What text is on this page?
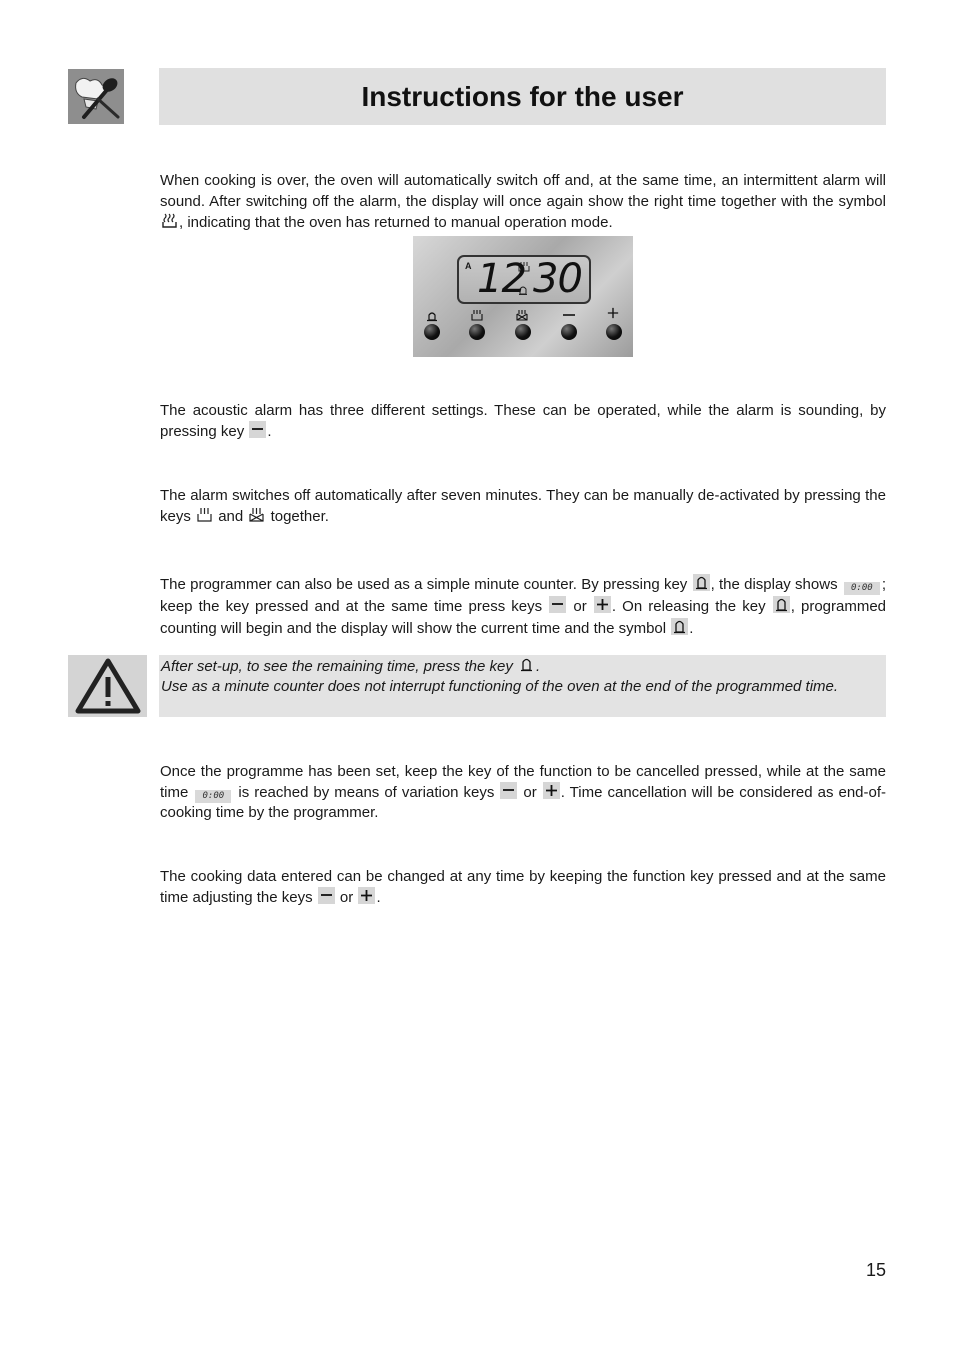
Instructions for the user
When cooking is over, the oven will automatically switch off and, at the same time, an intermittent alarm will sound. After switching off the alarm, the display will once again show the right time together with the symbol
, indicating that the oven has returned to manual operation mode.
A 12 30
The acoustic alarm has three different settings. These can be operated, while the alarm is sounding, by pressing key .
The alarm switches off automatically after seven minutes. They can be manually de-activated by pressing the keys and together.
The programmer can also be used as a simple minute counter. By pressing key , the display shows 0:00 ; keep the key pressed and at the same time press keys or . On releasing the key , programmed counting will begin and the display will show the current time and the symbol .
After set-up, to see the remaining time, press the key .
Use as a minute counter does not interrupt functioning of the oven at the end of the programmed time.
Once the programme has been set, keep the key of the function to be cancelled pressed, while at the same time 0:00 is reached by means of variation keys or . Time cancellation will be considered as end-of-cooking time by the programmer.
The cooking data entered can be changed at any time by keeping the function key pressed and at the same time adjusting the keys or .
15
